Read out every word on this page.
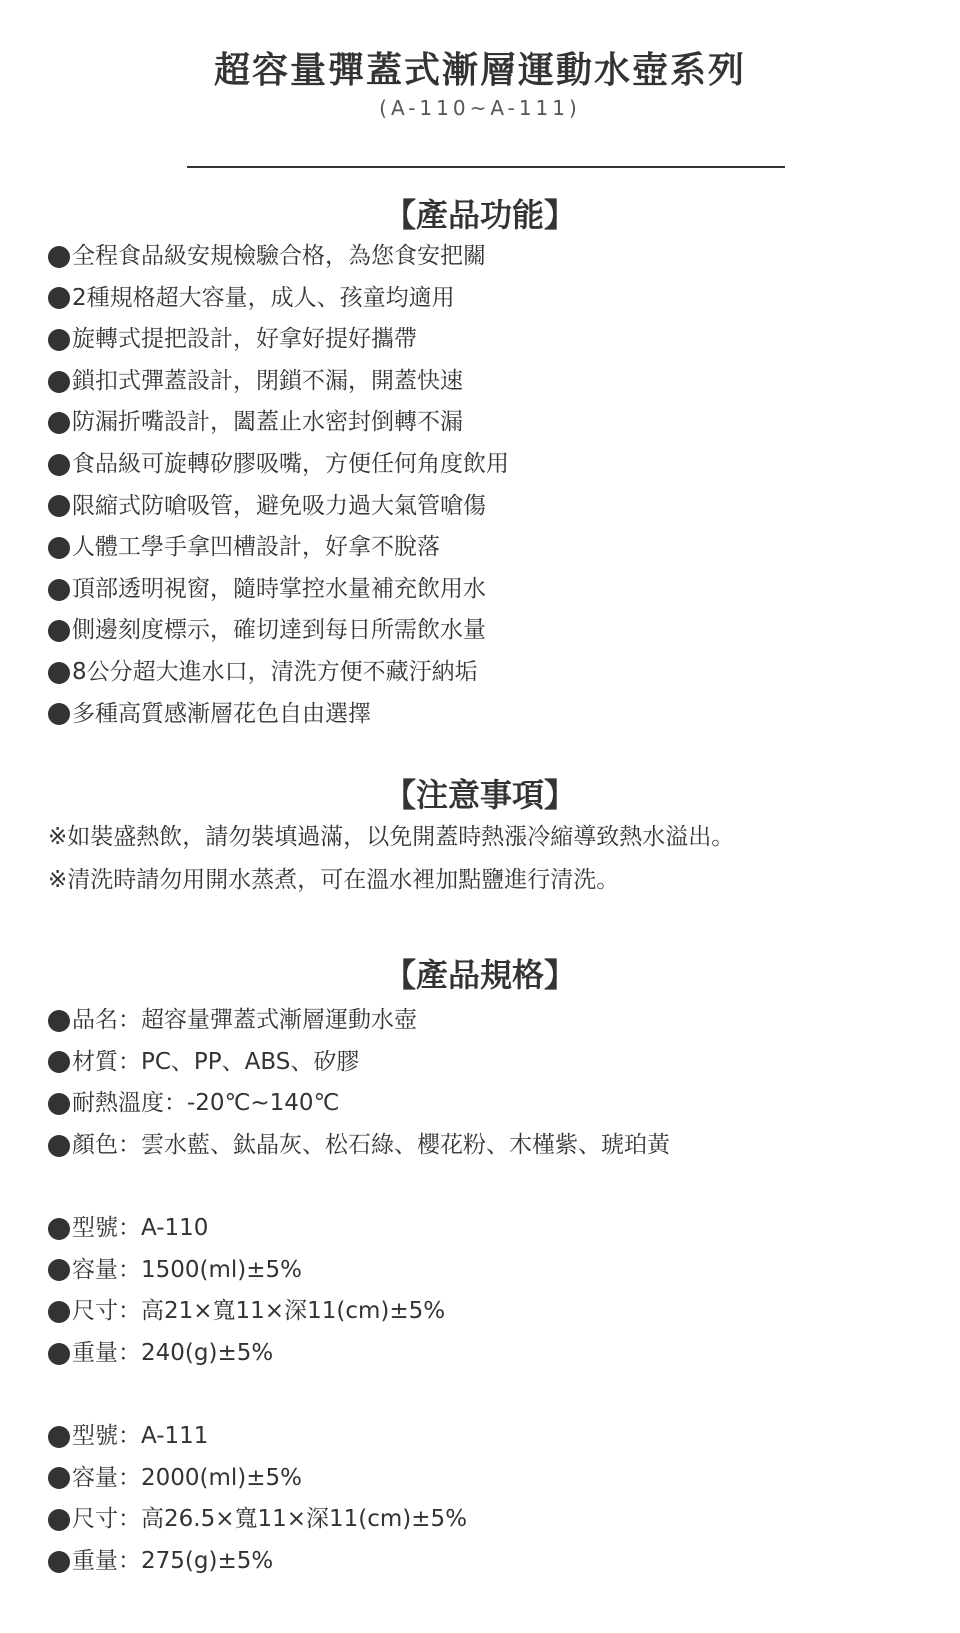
超容量彈蓋式漸層運動水壺系列
(A-110~A-111)
【產品功能】
全程食品級安規檢驗合格，為您食安把關
2種規格超大容量，成人、孩童均適用
旋轉式提把設計，好拿好提好攜帶
鎖扣式彈蓋設計，閉鎖不漏，開蓋快速
防漏折嘴設計，闔蓋止水密封倒轉不漏
食品級可旋轉矽膠吸嘴，方便任何角度飲用
限縮式防嗆吸管，避免吸力過大氣管嗆傷
人體工學手拿凹槽設計，好拿不脫落
頂部透明視窗，隨時掌控水量補充飲用水
側邊刻度標示，確切達到每日所需飲水量
8公分超大進水口，清洗方便不藏汙納垢
多種高質感漸層花色自由選擇
【注意事項】
※如裝盛熱飲，請勿裝填過滿，以免開蓋時熱漲冷縮導致熱水溢出。
※清洗時請勿用開水蒸煮，可在溫水裡加點鹽進行清洗。
【產品規格】
品名：超容量彈蓋式漸層運動水壺
材質：PC、PP、ABS、矽膠
耐熱溫度：-20℃~140℃
顏色：雲水藍、鈦晶灰、松石綠、櫻花粉、木槿紫、琥珀黃
型號：A-110
容量：1500(ml)±5%
尺寸：高21×寬11×深11(cm)±5%
重量：240(g)±5%
型號：A-111
容量：2000(ml)±5%
尺寸：高26.5×寬11×深11(cm)±5%
重量：275(g)±5%
